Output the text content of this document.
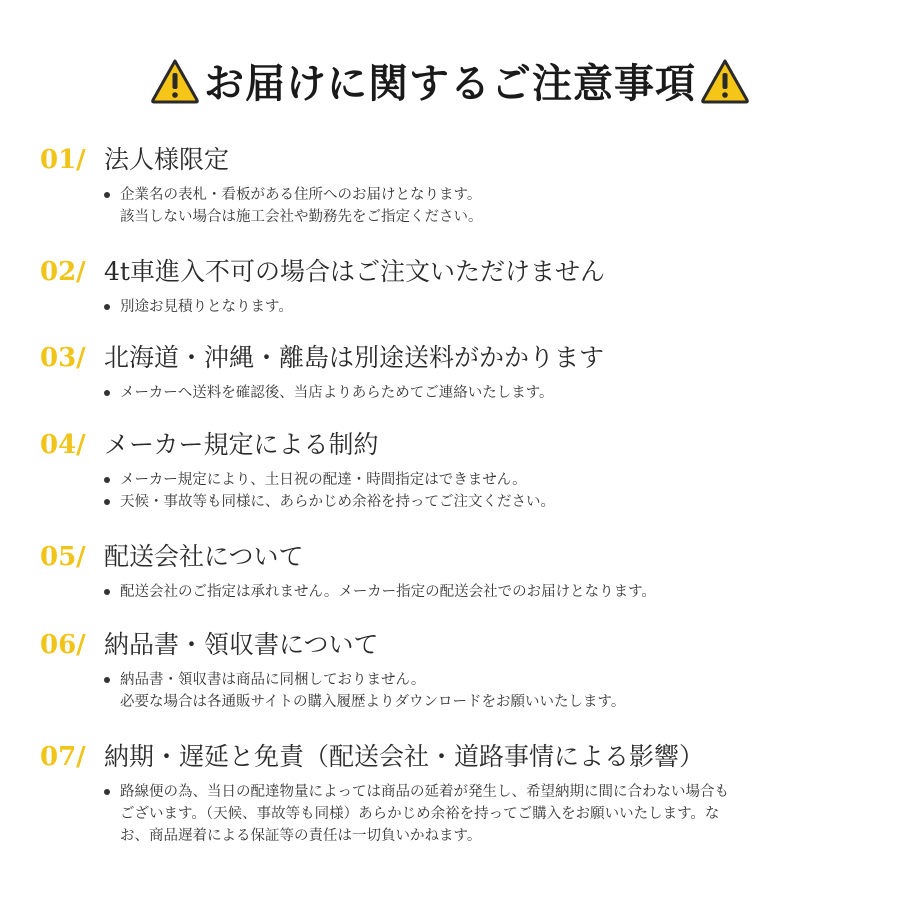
お届けに関するご注意事項
01/ 法人様限定
企業名の表札・看板がある住所へのお届けとなります。
該当しない場合は施工会社や勤務先をご指定ください。
02/ 4t車進入不可の場合はご注文いただけません
別途お見積りとなります。
03/ 北海道・沖縄・離島は別途送料がかかります
メーカーへ送料を確認後、当店よりあらためてご連絡いたします。
04/ メーカー規定による制約
メーカー規定により、土日祝の配達・時間指定はできません。
天候・事故等も同様に、あらかじめ余裕を持ってご注文ください。
05/ 配送会社について
配送会社のご指定は承れません。メーカー指定の配送会社でのお届けとなります。
06/ 納品書・領収書について
納品書・領収書は商品に同梱しておりません。
必要な場合は各通販サイトの購入履歴よりダウンロードをお願いいたします。
07/ 納期・遅延と免責（配送会社・道路事情による影響）
路線便の為、当日の配達物量によっては商品の延着が発生し、希望納期に間に合わない場合も
ございます。（天候、事故等も同様）あらかじめ余裕を持ってご購入をお願いいたします。な
お、商品遅着による保証等の責任は一切負いかねます。
